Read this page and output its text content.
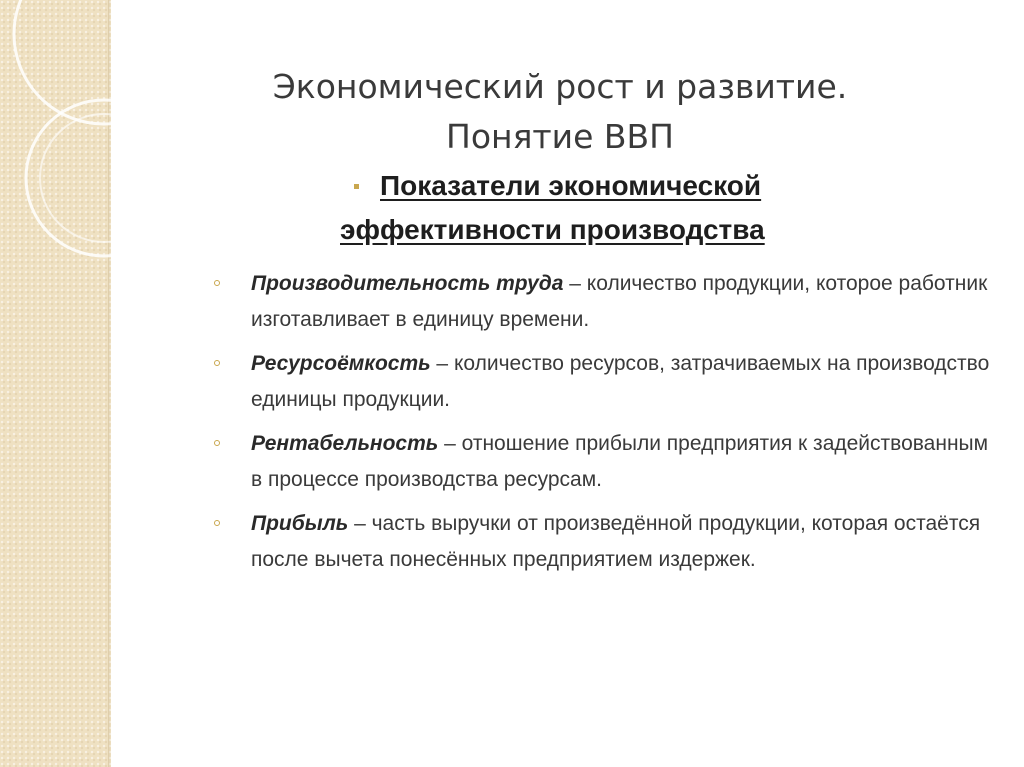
Экономический рост и развитие.
Понятие ВВП
Показатели экономической
эффективности производства
Производительность труда – количество продукции, которое работник изготавливает в единицу времени.
Ресурсоёмкость – количество ресурсов, затрачиваемых на производство единицы продукции.
Рентабельность – отношение прибыли предприятия к задействованным в процессе производства ресурсам.
Прибыль – часть выручки от произведённой продукции, которая остаётся после вычета понесённых предприятием издержек.
